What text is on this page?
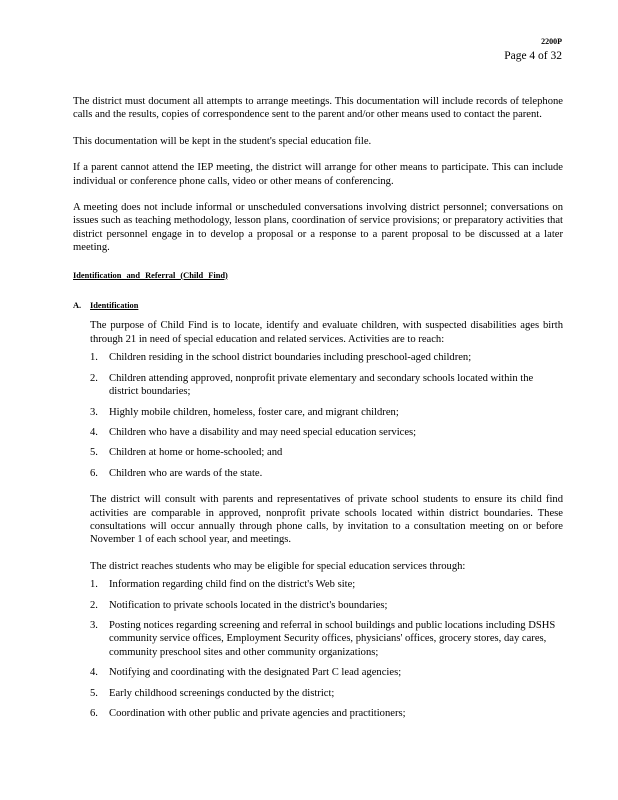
2200P
Page 4 of 32

The district must document all attempts to arrange meetings. This documentation will include records of telephone calls and the results, copies of correspondence sent to the parent and/or other means used to contact the parent.

This documentation will be kept in the student's special education file.

If a parent cannot attend the IEP meeting, the district will arrange for other means to participate. This can include individual or conference phone calls, video or other means of conferencing.

A meeting does not include informal or unscheduled conversations involving district personnel; conversations on issues such as teaching methodology, lesson plans, coordination of service provisions; or preparatory activities that district personnel engage in to develop a proposal or a response to a parent proposal to be discussed at a later meeting.

Identification and Referral (Child Find)
A. Identification

The purpose of Child Find is to locate, identify and evaluate children, with suspected disabilities ages birth through 21 in need of special education and related services. Activities are to reach:

1. Children residing in the school district boundaries including preschool-aged children;
2. Children attending approved, nonprofit private elementary and secondary schools located within the district boundaries;
3. Highly mobile children, homeless, foster care, and migrant children;
4. Children who have a disability and may need special education services;
5. Children at home or home-schooled; and
6. Children who are wards of the state.

The district will consult with parents and representatives of private school students to ensure its child find activities are comparable in approved, nonprofit private schools located within district boundaries. These consultations will occur annually through phone calls, by invitation to a consultation meeting on or before November 1 of each school year, and meetings.

The district reaches students who may be eligible for special education services through:

1. Information regarding child find on the district's Web site;
2. Notification to private schools located in the district's boundaries;
3. Posting notices regarding screening and referral in school buildings and public locations including DSHS community service offices, Employment Security offices, physicians' offices, grocery stores, day cares, community preschool sites and other community organizations;
4. Notifying and coordinating with the designated Part C lead agencies;
5. Early childhood screenings conducted by the district;
6. Coordination with other public and private agencies and practitioners;
